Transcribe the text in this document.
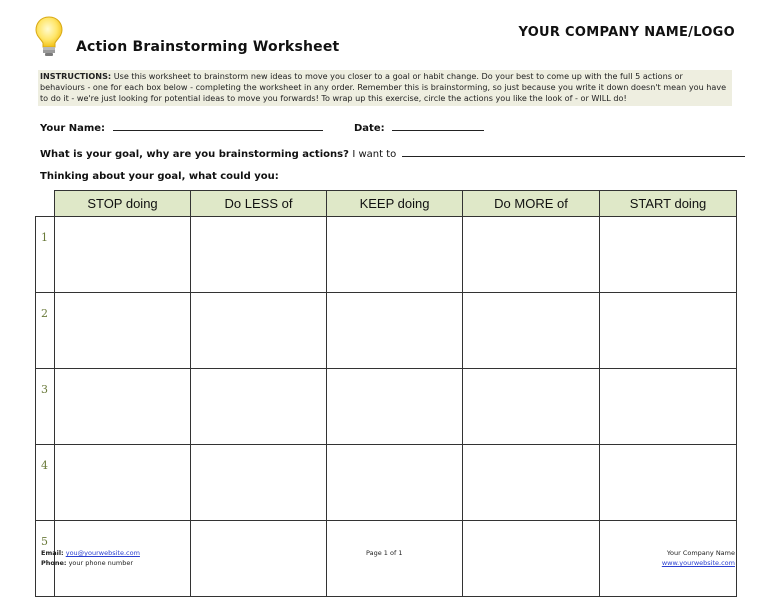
Action Brainstorming Worksheet
YOUR COMPANY NAME/LOGO
INSTRUCTIONS: Use this worksheet to brainstorm new ideas to move you closer to a goal or habit change. Do your best to come up with the full 5 actions or behaviours - one for each box below - completing the worksheet in any order. Remember this is brainstorming, so just because you write it down doesn't mean you have to do it - we're just looking for potential ideas to move you forwards! To wrap up this exercise, circle the actions you like the look of - or WILL do!
Your Name:	Date:
What is your goal, why are you brainstorming actions? I want to
Thinking about your goal, what could you:
	STOP doing	Do LESS of	KEEP doing	Do MORE of	START doing
1					
2					
3					
4					
5					
Email: you@yourwebsite.com
Phone: your phone number
Page 1 of 1	Your Company Name
www.yourwebsite.com
